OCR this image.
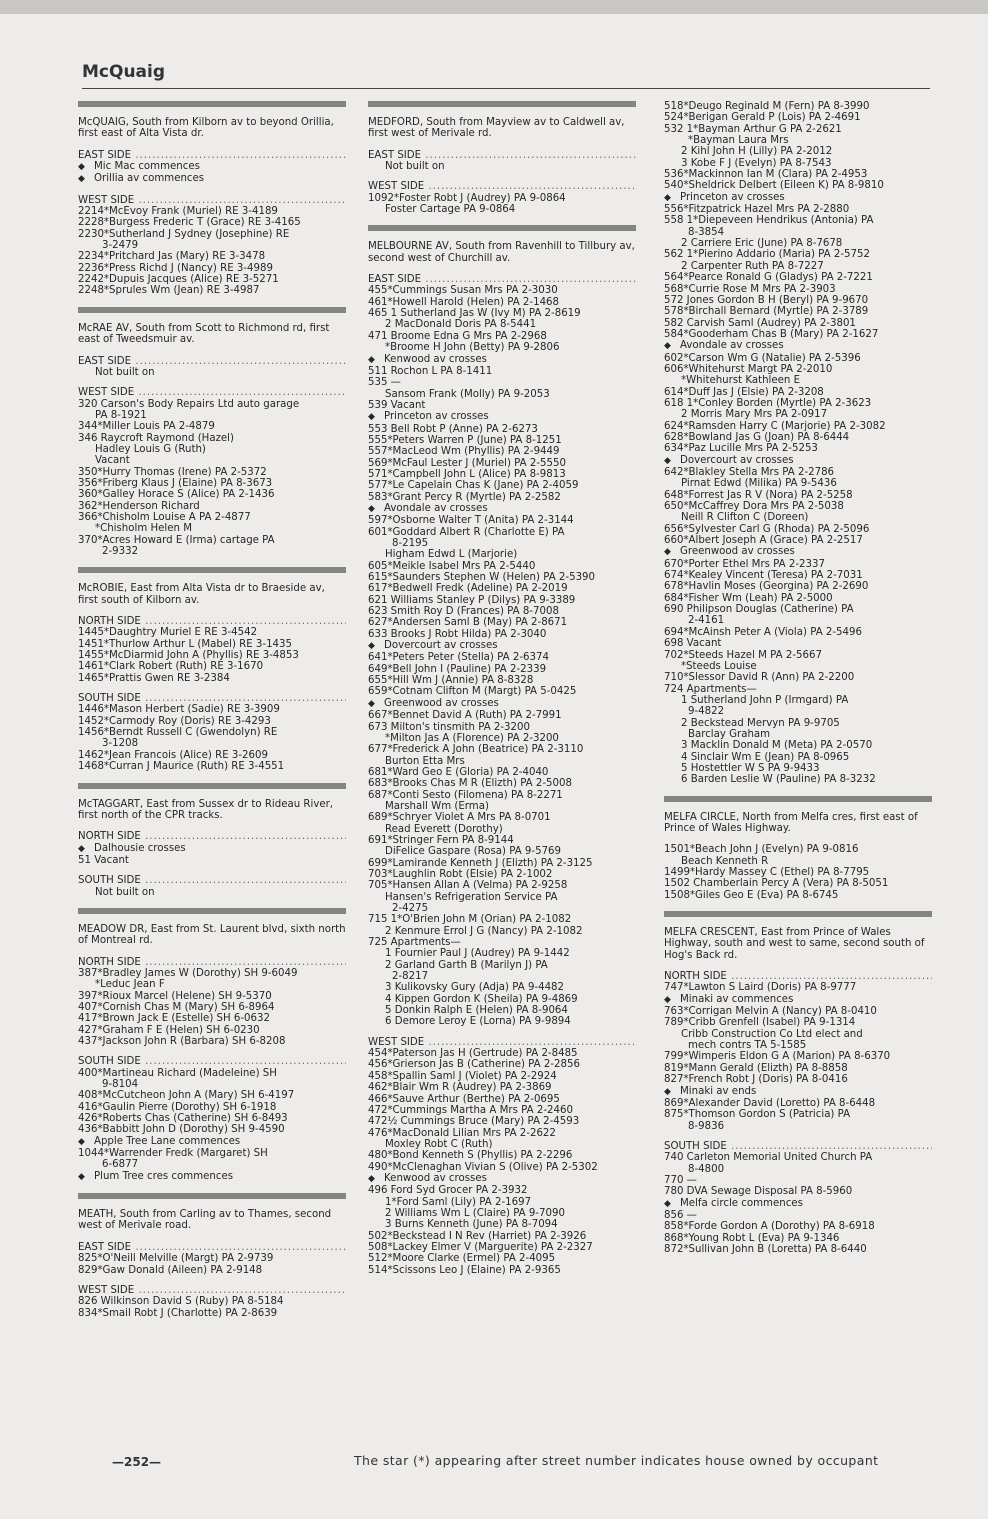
McQuaig
McQUAIG, South from Kilborn av to beyond Orillia, first east of Alta Vista dr.
EAST SIDE .....
◆ Mic Mac commences
◆ Orillia av commences
WEST SIDE .....
2214*McEvoy Frank (Muriel) RE 3-4189
2228*Burgess Frederic T (Grace) RE 3-4165
2230*Sutherland J Sydney (Josephine) RE
3-2479
2234*Pritchard Jas (Mary) RE 3-3478
2236*Press Richd J (Nancy) RE 3-4989
2242*Dupuis Jacques (Alice) RE 3-5271
2248*Sprules Wm (Jean) RE 3-4987
McRAE AV, South from Scott to Richmond rd, first east of Tweedsmuir av.
EAST SIDE .....
Not built on
WEST SIDE .....
320 Carson's Body Repairs Ltd auto garage
PA 8-1921
344*Miller Louis PA 2-4879
346 Raycroft Raymond (Hazel)
Hadley Louis G (Ruth)
Vacant
350*Hurry Thomas (Irene) PA 2-5372
356*Friberg Klaus J (Elaine) PA 8-3673
360*Galley Horace S (Alice) PA 2-1436
362*Henderson Richard
366*Chisholm Louise A PA 2-4877
*Chisholm Helen M
370*Acres Howard E (Irma) cartage PA
2-9332
McROBIE, East from Alta Vista dr to Braeside av, first south of Kilborn av.
NORTH SIDE .....
1445*Daughtry Muriel E RE 3-4542
1451*Thurlow Arthur L (Mabel) RE 3-1435
1455*McDiarmid John A (Phyllis) RE 3-4853
1461*Clark Robert (Ruth) RE 3-1670
1465*Prattis Gwen RE 3-2384
SOUTH SIDE .....
1446*Mason Herbert (Sadie) RE 3-3909
1452*Carmody Roy (Doris) RE 3-4293
1456*Berndt Russell C (Gwendolyn) RE
3-1208
1462*Jean Francois (Alice) RE 3-2609
1468*Curran J Maurice (Ruth) RE 3-4551
McTAGGART, East from Sussex dr to Rideau River, first north of the CPR tracks.
NORTH SIDE .....
◆ Dalhousie crosses
51 Vacant
SOUTH SIDE .....
Not built on
MEADOW DR, East from St. Laurent blvd, sixth north of Montreal rd.
NORTH SIDE .....
387*Bradley James W (Dorothy) SH 9-6049
*Leduc Jean F
397*Rioux Marcel (Helene) SH 9-5370
407*Cornish Chas M (Mary) SH 6-8964
417*Brown Jack E (Estelle) SH 6-0632
427*Graham F E (Helen) SH 6-0230
437*Jackson John R (Barbara) SH 6-8208
SOUTH SIDE .....
400*Martineau Richard (Madeleine) SH
9-8104
408*McCutcheon John A (Mary) SH 6-4197
416*Gaulin Pierre (Dorothy) SH 6-1918
426*Roberts Chas (Catherine) SH 6-8493
436*Babbitt John D (Dorothy) SH 9-4590
◆ Apple Tree Lane commences
1044*Warrender Fredk (Margaret) SH
6-6877
◆ Plum Tree cres commences
MEATH, South from Carling av to Thames, second west of Merivale road.
EAST SIDE .....
825*O'Neill Melville (Margt) PA 2-9739
829*Gaw Donald (Aileen) PA 2-9148
WEST SIDE .....
826 Wilkinson David S (Ruby) PA 8-5184
834*Smail Robt J (Charlotte) PA 2-8639
MEDFORD, South from Mayview av to Caldwell av, first west of Merivale rd.
EAST SIDE .....
Not built on
WEST SIDE .....
1092*Foster Robt J (Audrey) PA 9-0864
Foster Cartage PA 9-0864
MELBOURNE AV, South from Ravenhill to Tillbury av, second west of Churchill av.
EAST SIDE .....
455*Cummings Susan Mrs PA 2-3030
461*Howell Harold (Helen) PA 2-1468
465 1 Sutherland Jas W (Ivy M) PA 2-8619
2 MacDonald Doris PA 8-5441
471 Broome Edna G Mrs PA 2-2968
*Broome H John (Betty) PA 9-2806
◆ Kenwood av crosses
511 Rochon L PA 8-1411
535 —
Sansom Frank (Molly) PA 9-2053
539 Vacant
◆ Princeton av crosses
553 Bell Robt P (Anne) PA 2-6273
555*Peters Warren P (June) PA 8-1251
557*MacLeod Wm (Phyllis) PA 2-9449
569*McFaul Lester J (Muriel) PA 2-5550
571*Campbell John L (Alice) PA 8-9813
577*Le Capelain Chas K (Jane) PA 2-4059
583*Grant Percy R (Myrtle) PA 2-2582
◆ Avondale av crosses
597*Osborne Walter T (Anita) PA 2-3144
601*Goddard Albert R (Charlotte E) PA
8-2195
Higham Edwd L (Marjorie)
605*Meikle Isabel Mrs PA 2-5440
615*Saunders Stephen W (Helen) PA 2-5390
617*Bedwell Fredk (Adeline) PA 2-2019
621 Williams Stanley P (Dilys) PA 9-3389
623 Smith Roy D (Frances) PA 8-7008
627*Andersen Saml B (May) PA 2-8671
633 Brooks J Robt Hilda) PA 2-3040
◆ Dovercourt av crosses
641*Peters Peter (Stella) PA 2-6374
649*Bell John I (Pauline) PA 2-2339
655*Hill Wm J (Annie) PA 8-8328
659*Cotnam Clifton M (Margt) PA 5-0425
◆ Greenwood av crosses
667*Bennet David A (Ruth) PA 2-7991
673 Milton's tinsmith PA 2-3200
*Milton Jas A (Florence) PA 2-3200
677*Frederick A John (Beatrice) PA 2-3110
Burton Etta Mrs
681*Ward Geo E (Gloria) PA 2-4040
683*Brooks Chas M R (Elizth) PA 2-5008
687*Conti Sesto (Filomena) PA 8-2271
Marshall Wm (Erma)
689*Schryer Violet A Mrs PA 8-0701
Read Everett (Dorothy)
691*Stringer Fern PA 8-9144
DiFelice Gaspare (Rosa) PA 9-5769
699*Lamirande Kenneth J (Elizth) PA 2-3125
703*Laughlin Robt (Elsie) PA 2-1002
705*Hansen Allan A (Velma) PA 2-9258
Hansen's Refrigeration Service PA
2-4275
715 1*O'Brien John M (Orian) PA 2-1082
2 Kenmure Errol J G (Nancy) PA 2-1082
725 Apartments—
1 Fournier Paul J (Audrey) PA 9-1442
2 Garland Garth B (Marilyn J) PA
2-8217
3 Kulikovsky Gury (Adja) PA 9-4482
4 Kippen Gordon K (Sheila) PA 9-4869
5 Donkin Ralph E (Helen) PA 8-9064
6 Demore Leroy E (Lorna) PA 9-9894
WEST SIDE .....
454*Paterson Jas H (Gertrude) PA 2-8485
456*Grierson Jas B (Catherine) PA 2-2856
458*Spallin Saml J (Violet) PA 2-2924
462*Blair Wm R (Audrey) PA 2-3869
466*Sauve Arthur (Berthe) PA 2-0695
472*Cummings Martha A Mrs PA 2-2460
472½ Cummings Bruce (Mary) PA 2-4593
476*MacDonald Lilian Mrs PA 2-2622
Moxley Robt C (Ruth)
480*Bond Kenneth S (Phyllis) PA 2-2296
490*McClenaghan Vivian S (Olive) PA 2-5302
◆ Kenwood av crosses
496 Ford Syd Grocer PA 2-3932
1*Ford Saml (Lily) PA 2-1697
2 Williams Wm L (Claire) PA 9-7090
3 Burns Kenneth (June) PA 8-7094
502*Beckstead I N Rev (Harriet) PA 2-3926
508*Lackey Elmer V (Marguerite) PA 2-2327
512*Moore Clarke (Ermel) PA 2-4095
514*Scissons Leo J (Elaine) PA 2-9365
518*Deugo Reginald M (Fern) PA 8-3990
524*Berigan Gerald P (Lois) PA 2-4691
532 1*Bayman Arthur G PA 2-2621
*Bayman Laura Mrs
2 Kihl John H (Lilly) PA 2-2012
3 Kobe F J (Evelyn) PA 8-7543
536*Mackinnon Ian M (Clara) PA 2-4953
540*Sheldrick Delbert (Eileen K) PA 8-9810
◆ Princeton av crosses
556*Fitzpatrick Hazel Mrs PA 2-2880
558 1*Diepeveen Hendrikus (Antonia) PA
8-3854
2 Carriere Eric (June) PA 8-7678
562 1*Pierino Addario (Maria) PA 2-5752
2 Carpenter Ruth PA 8-7227
564*Pearce Ronald G (Gladys) PA 2-7221
568*Currie Rose M Mrs PA 2-3903
572 Jones Gordon B H (Beryl) PA 9-9670
578*Birchall Bernard (Myrtle) PA 2-3789
582 Carvish Saml (Audrey) PA 2-3801
584*Gooderham Chas B (Mary) PA 2-1627
◆ Avondale av crosses
602*Carson Wm G (Natalie) PA 2-5396
606*Whitehurst Margt PA 2-2010
*Whitehurst Kathleen E
614*Duff Jas J (Elsie) PA 2-3208
618 1*Conley Borden (Myrtle) PA 2-3623
2 Morris Mary Mrs PA 2-0917
624*Ramsden Harry C (Marjorie) PA 2-3082
628*Bowland Jas G (Joan) PA 8-6444
634*Paz Lucille Mrs PA 2-5253
◆ Dovercourt av crosses
642*Blakley Stella Mrs PA 2-2786
Pirnat Edwd (Milika) PA 9-5436
648*Forrest Jas R V (Nora) PA 2-5258
650*McCaffrey Dora Mrs PA 2-5038
Neill R Clifton C (Doreen)
656*Sylvester Carl G (Rhoda) PA 2-5096
660*Albert Joseph A (Grace) PA 2-2517
◆ Greenwood av crosses
670*Porter Ethel Mrs PA 2-2337
674*Kealey Vincent (Teresa) PA 2-7031
678*Havlin Moses (Georgina) PA 2-2690
684*Fisher Wm (Leah) PA 2-5000
690 Philipson Douglas (Catherine) PA
2-4161
694*McAinsh Peter A (Viola) PA 2-5496
698 Vacant
702*Steeds Hazel M PA 2-5667
*Steeds Louise
710*Slessor David R (Ann) PA 2-2200
724 Apartments—
1 Sutherland John P (Irmgard) PA
9-4822
2 Beckstead Mervyn PA 9-9705
Barclay Graham
3 Macklin Donald M (Meta) PA 2-0570
4 Sinclair Wm E (Jean) PA 8-0965
5 Hostettler W S PA 9-9433
6 Barden Leslie W (Pauline) PA 8-3232
MELFA CIRCLE, North from Melfa cres, first east of Prince of Wales Highway.
1501*Beach John J (Evelyn) PA 9-0816
Beach Kenneth R
1499*Hardy Massey C (Ethel) PA 8-7795
1502 Chamberlain Percy A (Vera) PA 8-5051
1508*Giles Geo E (Eva) PA 8-6745
MELFA CRESCENT, East from Prince of Wales Highway, south and west to same, second south of Hog's Back rd.
NORTH SIDE .....
747*Lawton S Laird (Doris) PA 8-9777
◆ Minaki av commences
763*Corrigan Melvin A (Nancy) PA 8-0410
789*Cribb Grenfell (Isabel) PA 9-1314
Cribb Construction Co Ltd elect and
mech contrs TA 5-1585
799*Wimperis Eldon G A (Marion) PA 8-6370
819*Mann Gerald (Elizth) PA 8-8858
827*French Robt J (Doris) PA 8-0416
◆ Minaki av ends
869*Alexander David (Loretto) PA 8-6448
875*Thomson Gordon S (Patricia) PA
8-9836
SOUTH SIDE .....
740 Carleton Memorial United Church PA
8-4800
770 —
780 DVA Sewage Disposal PA 8-5960
◆ Melfa circle commences
856 —
858*Forde Gordon A (Dorothy) PA 8-6918
868*Young Robt L (Eva) PA 9-1346
872*Sullivan John B (Loretta) PA 8-6440
—252—	The star (*) appearing after street number indicates house owned by occupant
